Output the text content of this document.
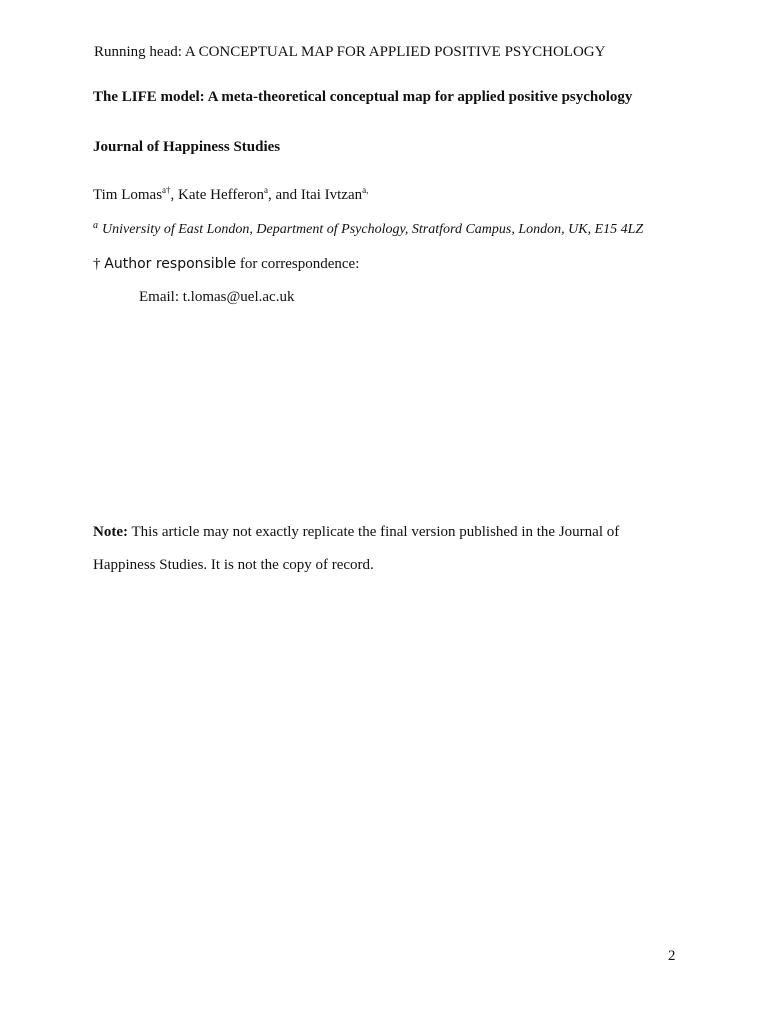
Running head: A CONCEPTUAL MAP FOR APPLIED POSITIVE PSYCHOLOGY
The LIFE model: A meta-theoretical conceptual map for applied positive psychology
Journal of Happiness Studies
Tim Lomas$^{a\dagger}$, Kate Hefferon$^a$, and Itai Ivtzan$^{a,}$
$^a$ University of East London, Department of Psychology, Stratford Campus, London, UK, E15 4LZ
† Author responsible for correspondence:
Email: t.lomas@uel.ac.uk
Note: This article may not exactly replicate the final version published in the Journal of
Happiness Studies. It is not the copy of record.
2
